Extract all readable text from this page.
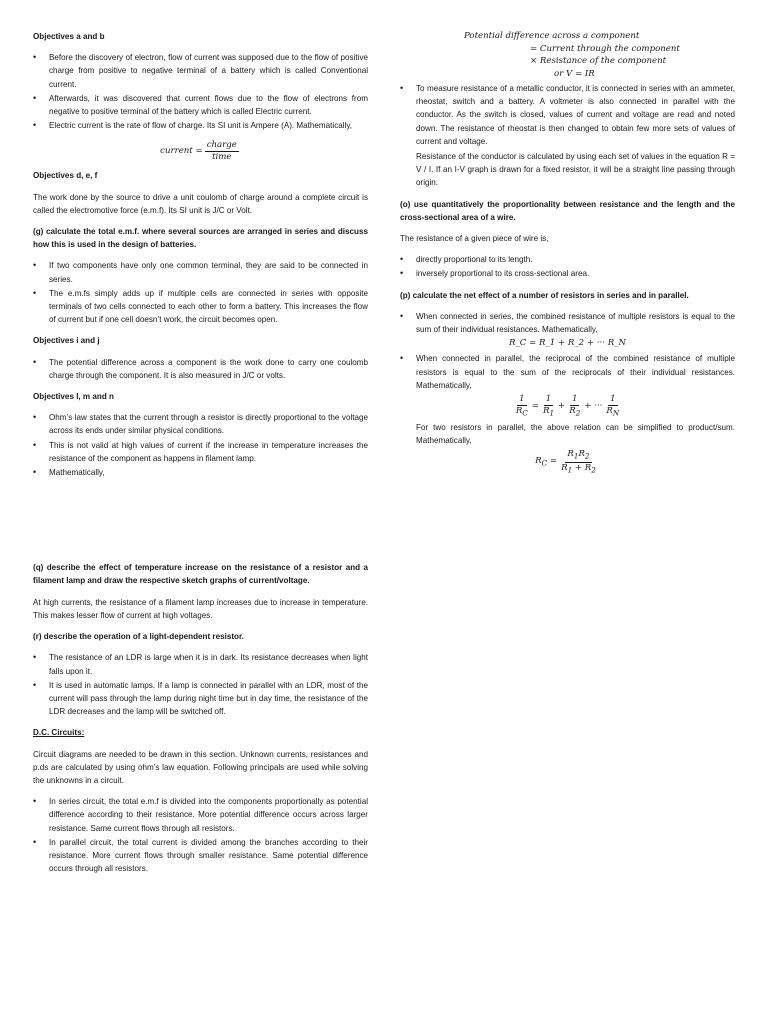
Objectives a and b

• Before the discovery of electron, flow of current was supposed due to the flow of positive charge from positive to negative terminal of a battery which is called Conventional current.
• Afterwards, it was discovered that current flows due to the flow of electrons from negative to positive terminal of the battery which is called Electric current.
• Electric current is the rate of flow of charge. Its SI unit is Ampere (A). Mathematically,
current = $\frac{\text{charge}}{\text{time}}$

Objectives d, e, f

The work done by the source to drive a unit coulomb of charge around a complete circuit is called the electromotive force (e.m.f). Its SI unit is J/C or Volt.

(g) calculate the total e.m.f. where several sources are arranged in series and discuss how this is used in the design of batteries.

• If two components have only one common terminal, they are said to be connected in series.
• The e.m.fs simply adds up if multiple cells are connected in series with opposite terminals of two cells connected to each other to form a battery. This increases the flow of current but if one cell doesn’t work, the circuit becomes open.

Objectives i and j

• The potential difference across a component is the work done to carry one coulomb charge through the component. It is also measured in J/C or volts.

Objectives l, m and n

• Ohm’s law states that the current through a resistor is directly proportional to the voltage across its ends under similar physical conditions.
• This is not valid at high values of current if the increase in temperature increases the resistance of the component as happens in filament lamp.
• Mathematically,

(q) describe the effect of temperature increase on the resistance of a resistor and a filament lamp and draw the respective sketch graphs of current/voltage.

At high currents, the resistance of a filament lamp increases due to increase in temperature. This makes lesser flow of current at high voltages.

(r) describe the operation of a light-dependent resistor.

• The resistance of an LDR is large when it is in dark. Its resistance decreases when light falls upon it.
• It is used in automatic lamps. If a lamp is connected in parallel with an LDR, most of the current will pass through the lamp during night time but in day time, the resistance of the LDR decreases and the lamp will be switched off.

D.C. Circuits:

Circuit diagrams are needed to be drawn in this section. Unknown currents, resistances and p.ds are calculated by using ohm’s law equation. Following principals are used while solving the unknowns in a circuit.

• In series circuit, the total e.m.f is divided into the components proportionally as potential difference according to their resistance. More potential difference occurs across larger resistance. Same current flows through all resistors.
• In parallel circuit, the total current is divided among the branches according to their resistance. More current flows through smaller resistance. Same potential difference occurs through all resistors.
Potential difference across a component
= Current through the component
× Resistance of the component
or V = IR
• To measure resistance of a metallic conductor, it is connected in series with an ammeter, rheostat, switch and a battery. A voltmeter is also connected in parallel with the conductor. As the switch is closed, values of current and voltage are read and noted down. The resistance of rheostat is then changed to obtain few more sets of values of current and voltage.

Resistance of the conductor is calculated by using each set of values in the equation R = V / I. If an I-V graph is drawn for a fixed resistor, it will be a straight line passing through origin.

(o) use quantitatively the proportionality between resistance and the length and the cross-sectional area of a wire.

The resistance of a given piece of wire is,

• directly proportional to its length.
• inversely proportional to its cross-sectional area.

(p) calculate the net effect of a number of resistors in series and in parallel.

• When connected in series, the combined resistance of multiple resistors is equal to the sum of their individual resistances. Mathematically,
R_C = R_1 + R_2 + ··· R_N
• When connected in parallel, the reciprocal of the combined resistance of multiple resistors is equal to the sum of the reciprocals of their individual resistances. Mathematically,
$\frac{1}{R_C} = \frac{1}{R_1} + \frac{1}{R_2}$ + ··· $\frac{1}{R_N}$

For two resistors in parallel, the above relation can be simplified to product/sum. Mathematically,

$R_C = \frac{R_1R_2}{R_1 + R_2}$
